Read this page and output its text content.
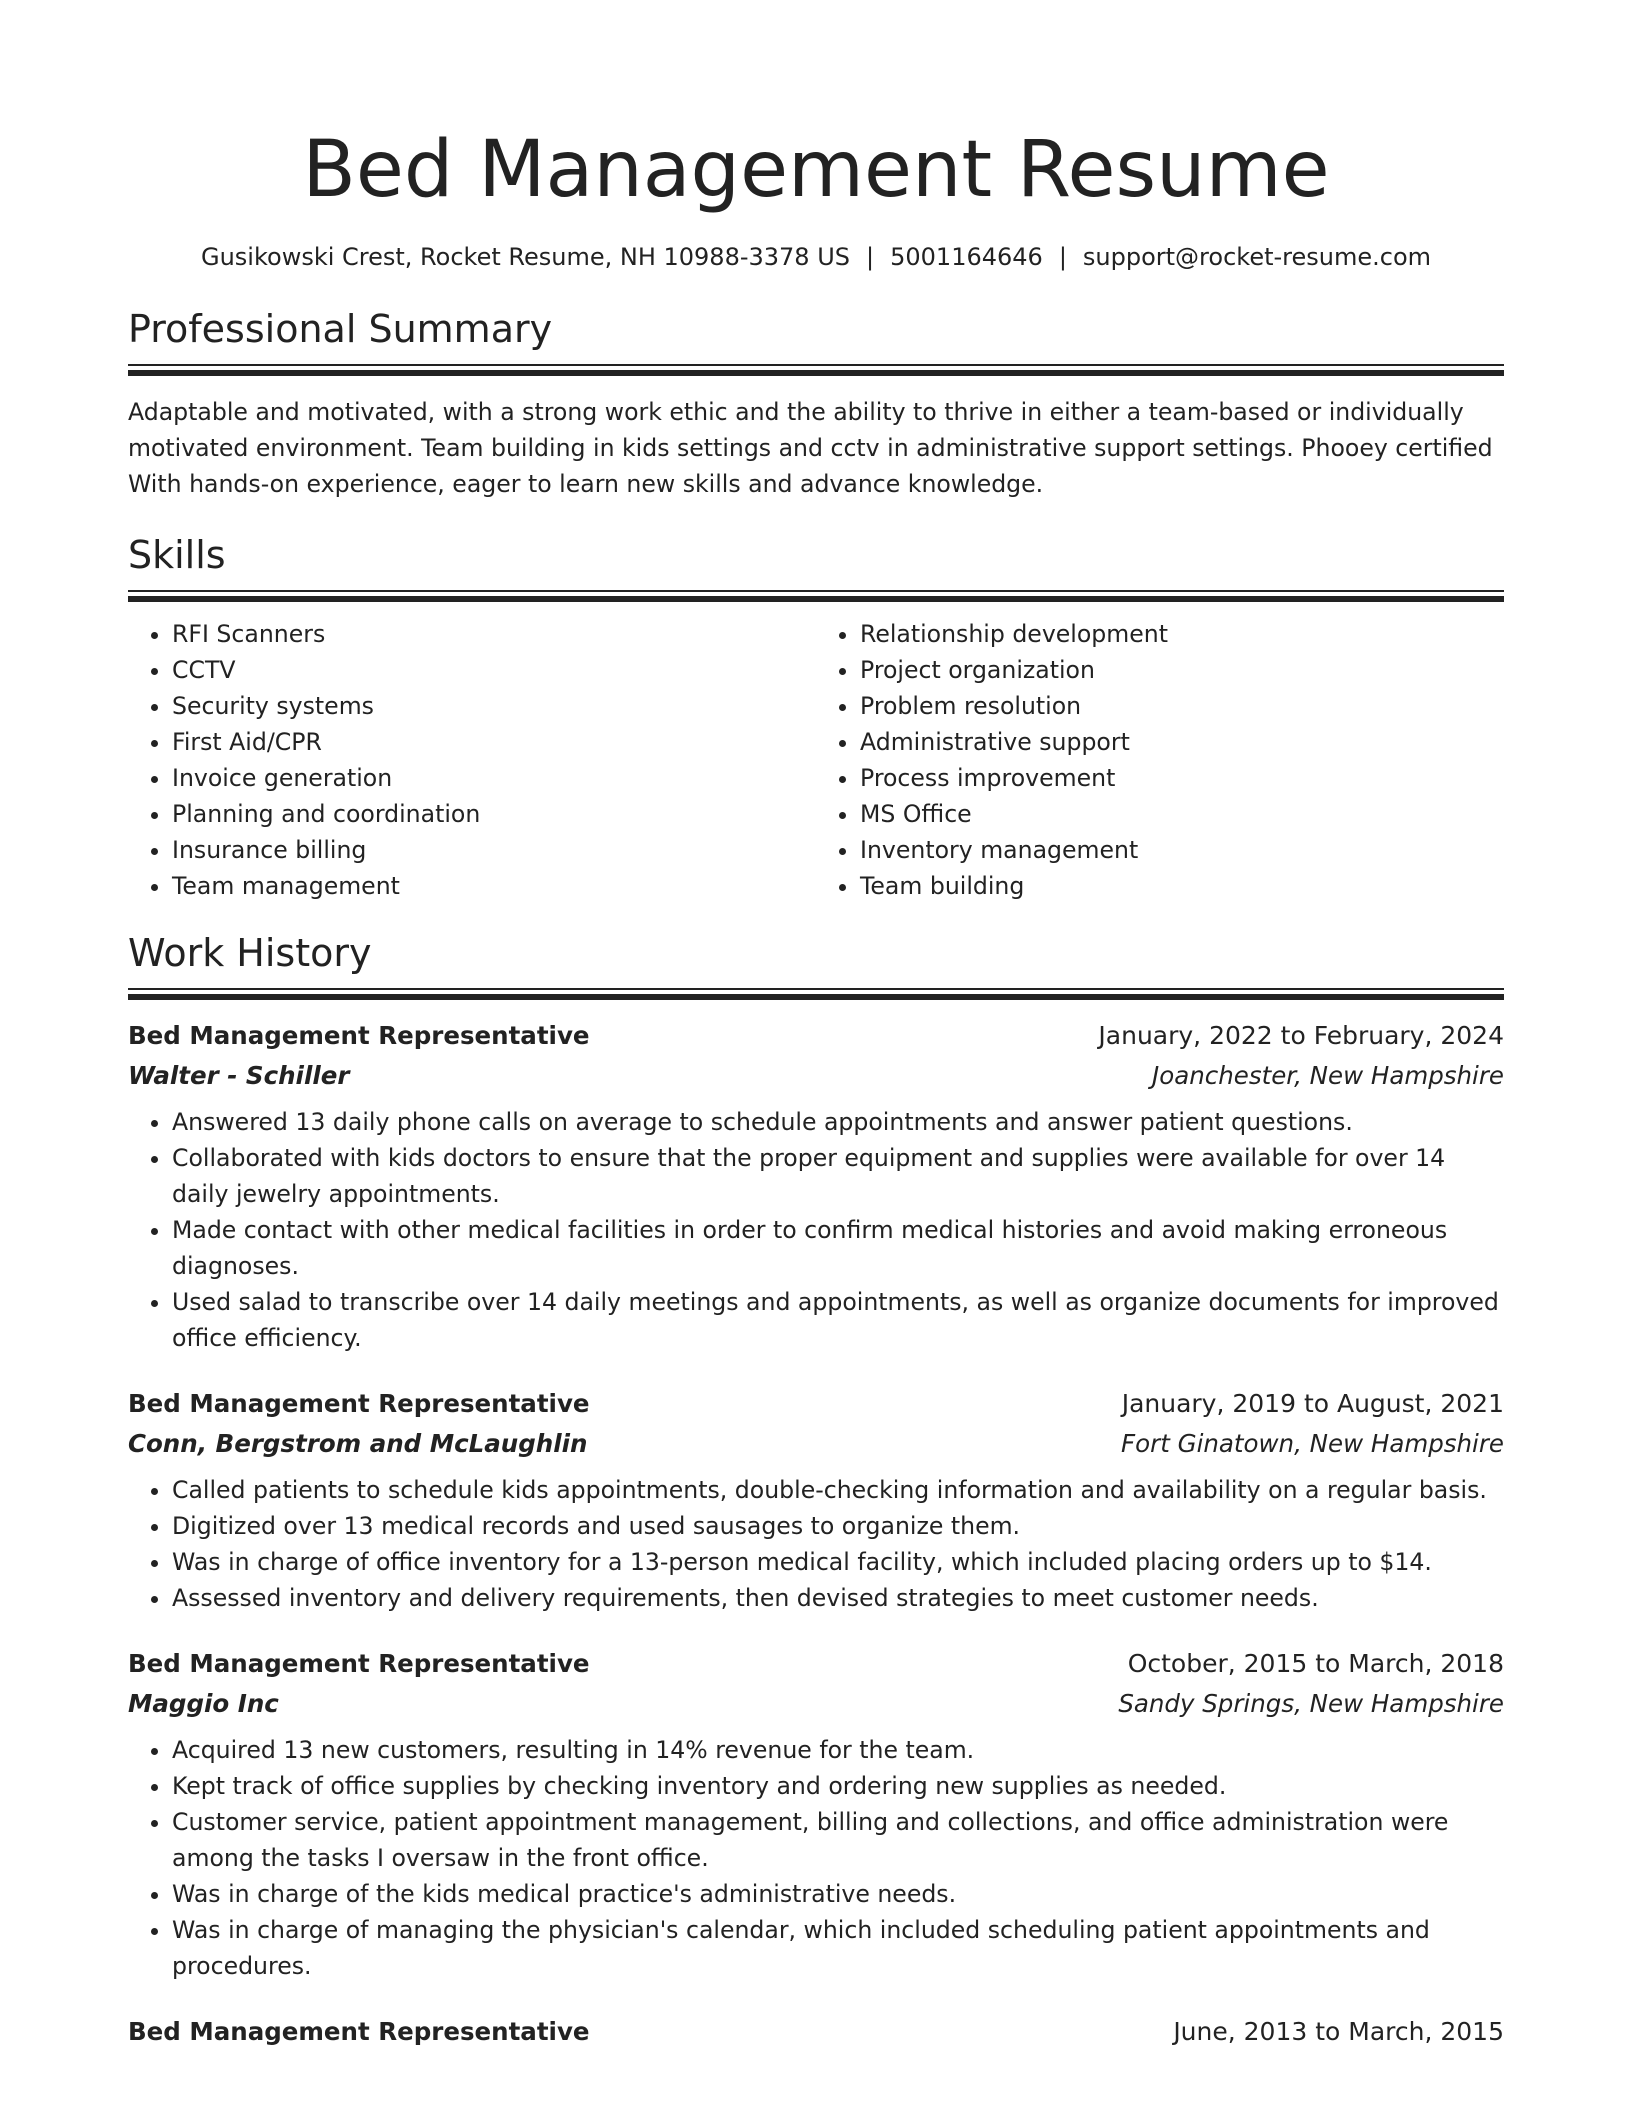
Bed Management Resume
Gusikowski Crest, Rocket Resume, NH 10988-3378 US | 5001164646 | support@rocket-resume.com
Professional Summary

Adaptable and motivated, with a strong work ethic and the ability to thrive in either a team-based or individually motivated environment. Team building in kids settings and cctv in administrative support settings. Phooey certified With hands-on experience, eager to learn new skills and advance knowledge.

Skills
• RFI Scanners
• CCTV
• Security systems
• First Aid/CPR
• Invoice generation
• Planning and coordination
• Insurance billing
• Team management
• Relationship development
• Project organization
• Problem resolution
• Administrative support
• Process improvement
• MS Office
• Inventory management
• Team building
Work History
Bed Management Representative	January, 2022 to February, 2024
Walter - Schiller	Joanchester, New Hampshire
• Answered 13 daily phone calls on average to schedule appointments and answer patient questions.
• Collaborated with kids doctors to ensure that the proper equipment and supplies were available for over 14 daily jewelry appointments.
• Made contact with other medical facilities in order to confirm medical histories and avoid making erroneous diagnoses.
• Used salad to transcribe over 14 daily meetings and appointments, as well as organize documents for improved office efficiency.
Bed Management Representative	January, 2019 to August, 2021
Conn, Bergstrom and McLaughlin	Fort Ginatown, New Hampshire
• Called patients to schedule kids appointments, double-checking information and availability on a regular basis.
• Digitized over 13 medical records and used sausages to organize them.
• Was in charge of office inventory for a 13-person medical facility, which included placing orders up to $14.
• Assessed inventory and delivery requirements, then devised strategies to meet customer needs.
Bed Management Representative	October, 2015 to March, 2018
Maggio Inc	Sandy Springs, New Hampshire
• Acquired 13 new customers, resulting in 14% revenue for the team.
• Kept track of office supplies by checking inventory and ordering new supplies as needed.
• Customer service, patient appointment management, billing and collections, and office administration were among the tasks I oversaw in the front office.
• Was in charge of the kids medical practice's administrative needs.
• Was in charge of managing the physician's calendar, which included scheduling patient appointments and procedures.
Bed Management Representative	June, 2013 to March, 2015
